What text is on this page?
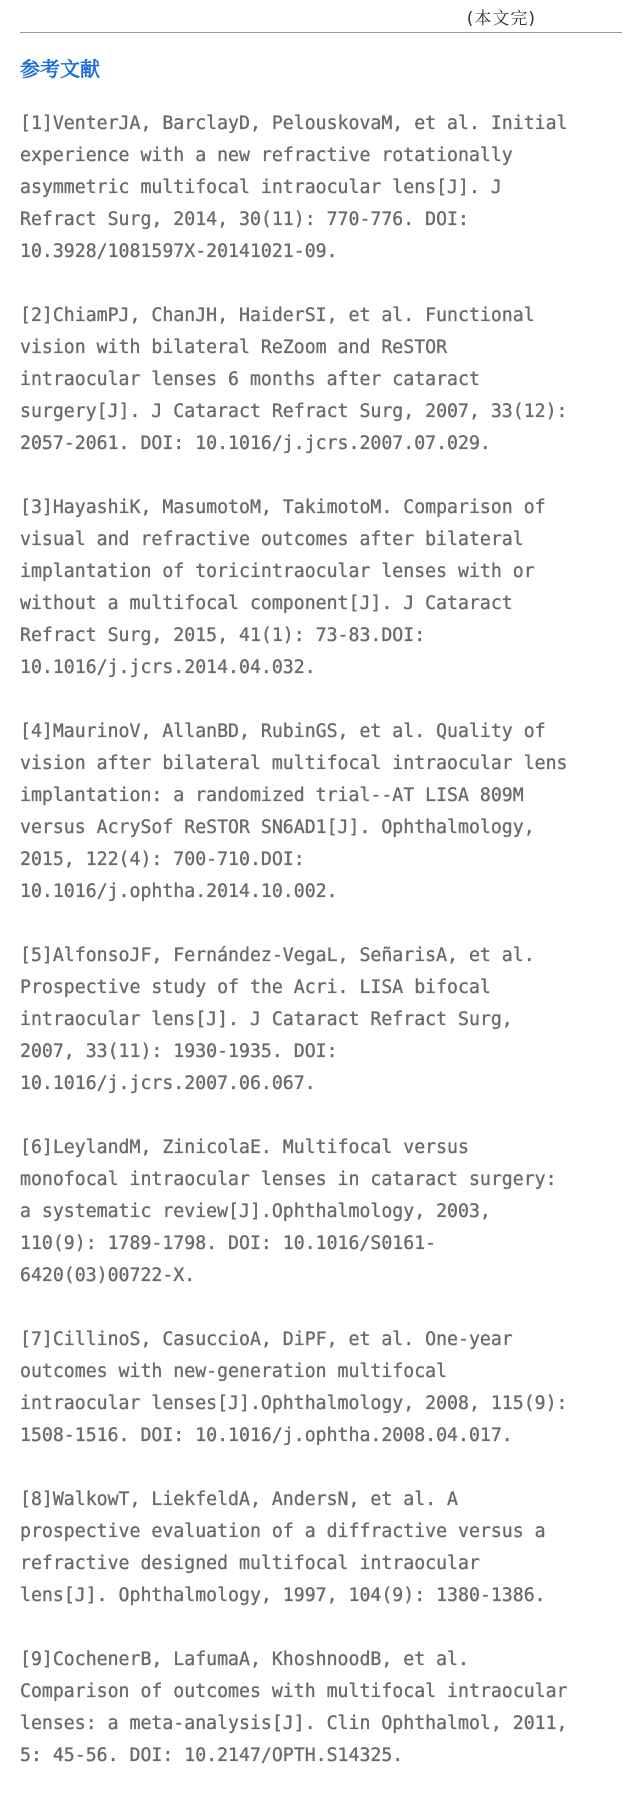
(本文完)
参考文献
[1]VenterJA, BarclayD, PelouskovaM, et al. Initial
experience with a new refractive rotationally
asymmetric multifocal intraocular lens[J]. J
Refract Surg, 2014, 30(11): 770-776. DOI:
10.3928/1081597X-20141021-09.
[2]ChiamPJ, ChanJH, HaiderSI, et al. Functional
vision with bilateral ReZoom and ReSTOR
intraocular lenses 6 months after cataract
surgery[J]. J Cataract Refract Surg, 2007, 33(12):
2057-2061. DOI: 10.1016/j.jcrs.2007.07.029.
[3]HayashiK, MasumotoM, TakimotoM. Comparison of
visual and refractive outcomes after bilateral
implantation of toricintraocular lenses with or
without a multifocal component[J]. J Cataract
Refract Surg, 2015, 41(1): 73-83.DOI:
10.1016/j.jcrs.2014.04.032.
[4]MaurinoV, AllanBD, RubinGS, et al. Quality of
vision after bilateral multifocal intraocular lens
implantation: a randomized trial--AT LISA 809M
versus AcrySof ReSTOR SN6AD1[J]. Ophthalmology,
2015, 122(4): 700-710.DOI:
10.1016/j.ophtha.2014.10.002.
[5]AlfonsoJF, Fernández-VegaL, SeñarisA, et al.
Prospective study of the Acri. LISA bifocal
intraocular lens[J]. J Cataract Refract Surg,
2007, 33(11): 1930-1935. DOI:
10.1016/j.jcrs.2007.06.067.
[6]LeylandM, ZinicolaE. Multifocal versus
monofocal intraocular lenses in cataract surgery:
a systematic review[J].Ophthalmology, 2003,
110(9): 1789-1798. DOI: 10.1016/S0161-
6420(03)00722-X.
[7]CillinoS, CasuccioA, DiPF, et al. One-year
outcomes with new-generation multifocal
intraocular lenses[J].Ophthalmology, 2008, 115(9):
1508-1516. DOI: 10.1016/j.ophtha.2008.04.017.
[8]WalkowT, LiekfeldA, AndersN, et al. A
prospective evaluation of a diffractive versus a
refractive designed multifocal intraocular
lens[J]. Ophthalmology, 1997, 104(9): 1380-1386.
[9]CochenerB, LafumaA, KhoshnoodB, et al.
Comparison of outcomes with multifocal intraocular
lenses: a meta-analysis[J]. Clin Ophthalmol, 2011,
5: 45-56. DOI: 10.2147/OPTH.S14325.
